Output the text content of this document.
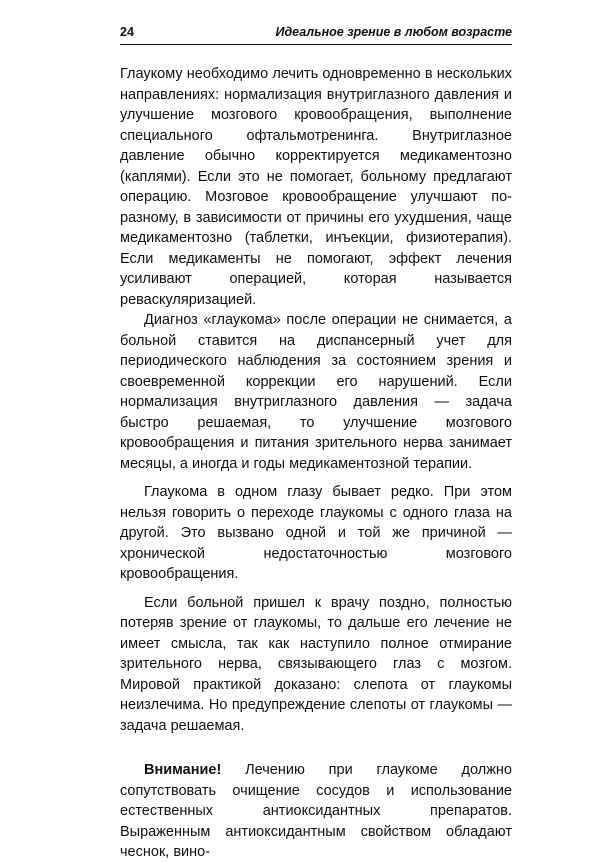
24	Идеальное зрение в любом возрасте

Глаукому необходимо лечить одновременно в нескольких направлениях: нормализация внутриглазного давления и улучшение мозгового кровообращения, выполнение специального офтальмотренинга. Внутриглазное давление обычно корректируется медикаментозно (каплями). Если это не помогает, больному предлагают операцию. Мозговое кровообращение улучшают по-разному, в зависимости от причины его ухудшения, чаще медикаментозно (таблетки, инъекции, физиотерапия). Если медикаменты не помогают, эффект лечения усиливают операцией, которая называется реваскуляризацией.

Диагноз «глаукома» после операции не снимается, а больной ставится на диспансерный учет для периодического наблюдения за состоянием зрения и своевременной коррекции его нарушений. Если нормализация внутриглазного давления — задача быстро решаемая, то улучшение мозгового кровообращения и питания зрительного нерва занимает месяцы, а иногда и годы медикаментозной терапии.

Глаукома в одном глазу бывает редко. При этом нельзя говорить о переходе глаукомы с одного глаза на другой. Это вызвано одной и той же причиной — хронической недостаточностью мозгового кровообращения.

Если больной пришел к врачу поздно, полностью потеряв зрение от глаукомы, то дальше его лечение не имеет смысла, так как наступило полное отмирание зрительного нерва, связывающего глаз с мозгом. Мировой практикой доказано: слепота от глаукомы неизлечима. Но предупреждение слепоты от глаукомы — задача решаемая.

Внимание! Лечению при глаукоме должно сопутствовать очищение сосудов и использование естественных антиоксидантных препаратов. Выраженным антиоксидантным свойством обладают чеснок, вино-
